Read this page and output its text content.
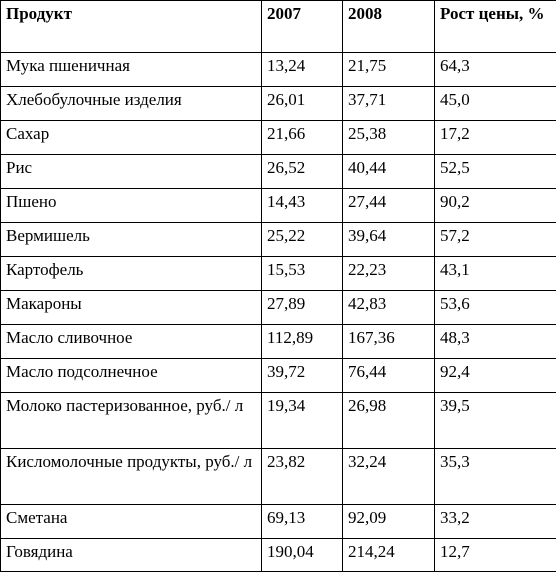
Продукт	2007	2008	Рост цены, %
Мука пшеничная	13,24	21,75	64,3
Хлебобулочные изделия	26,01	37,71	45,0
Сахар	21,66	25,38	17,2
Рис	26,52	40,44	52,5
Пшено	14,43	27,44	90,2
Вермишель	25,22	39,64	57,2
Картофель	15,53	22,23	43,1
Макароны	27,89	42,83	53,6
Масло сливочное	112,89	167,36	48,3
Масло подсолнечное	39,72	76,44	92,4
Молоко пастеризованное, руб./ л	19,34	26,98	39,5
Кисломолочные продукты, руб./ л	23,82	32,24	35,3
Сметана	69,13	92,09	33,2
Говядина	190,04	214,24	12,7
